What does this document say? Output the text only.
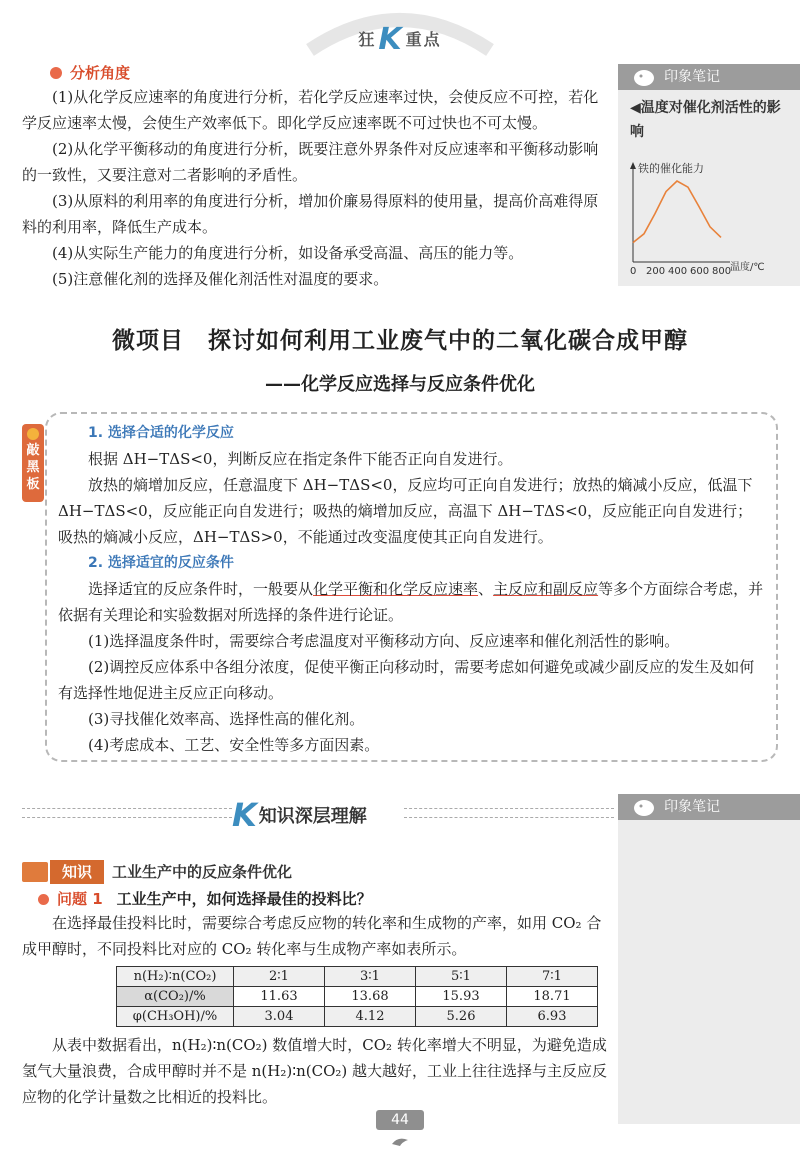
狂K 重点
分析角度

(1)从化学反应速率的角度进行分析，若化学反应速率过快，会使反应不可控，若化学反应速率太慢，会使生产效率低下。即化学反应速率既不可过快也不可太慢。

(2)从化学平衡移动的角度进行分析，既要注意外界条件对反应速率和平衡移动影响的一致性，又要注意对二者影响的矛盾性。

(3)从原料的利用率的角度进行分析，增加价廉易得原料的使用量，提高价高难得原料的利用率，降低生产成本。

(4)从实际生产能力的角度进行分析，如设备承受高温、高压的能力等。

(5)注意催化剂的选择及催化剂活性对温度的要求。

印象笔记
◀温度对催化剂活性的影响
铁的催化能力
0 200 400 600 800
温度/℃
微项目　探讨如何利用工业废气中的二氧化碳合成甲醇
——化学反应选择与反应条件优化
敲黑板
1. 选择合适的化学反应

根据 ΔH−TΔS<0，判断反应在指定条件下能否正向自发进行。

放热的熵增加反应，任意温度下 ΔH−TΔS<0，反应均可正向自发进行；放热的熵减小反应，低温下 ΔH−TΔS<0，反应能正向自发进行；吸热的熵增加反应，高温下 ΔH−TΔS<0，反应能正向自发进行；吸热的熵减小反应，ΔH−TΔS>0，不能通过改变温度使其正向自发进行。

2. 选择适宜的反应条件

选择适宜的反应条件时，一般要从化学平衡和化学反应速率、主反应和副反应等多个方面综合考虑，并依据有关理论和实验数据对所选择的条件进行论证。

(1)选择温度条件时，需要综合考虑温度对平衡移动方向、反应速率和催化剂活性的影响。

(2)调控反应体系中各组分浓度，促使平衡正向移动时，需要考虑如何避免或减少副反应的发生及如何有选择性地促进主反应正向移动。

(3)寻找催化效率高、选择性高的催化剂。

(4)考虑成本、工艺、安全性等多方面因素。

K知识深层理解	印象笔记
知识	工业生产中的反应条件优化
问题 1 工业生产中，如何选择最佳的投料比？

在选择最佳投料比时，需要综合考虑反应物的转化率和生成物的产率，如用 CO₂ 合成甲醇时，不同投料比对应的 CO₂ 转化率与生成物产率如表所示。

n(H₂)∶n(CO₂)	2∶1	3∶1	5∶1	7∶1
α(CO₂)/%	11.63	13.68	15.93	18.71
φ(CH₃OH)/%	3.04	4.12	5.26	6.93

从表中数据看出，n(H₂)∶n(CO₂) 数值增大时，CO₂ 转化率增大不明显，为避免造成氢气大量浪费，合成甲醇时并不是 n(H₂)∶n(CO₂) 越大越好，工业上往往选择与主反应反应物的化学计量数之比相近的投料比。

44
